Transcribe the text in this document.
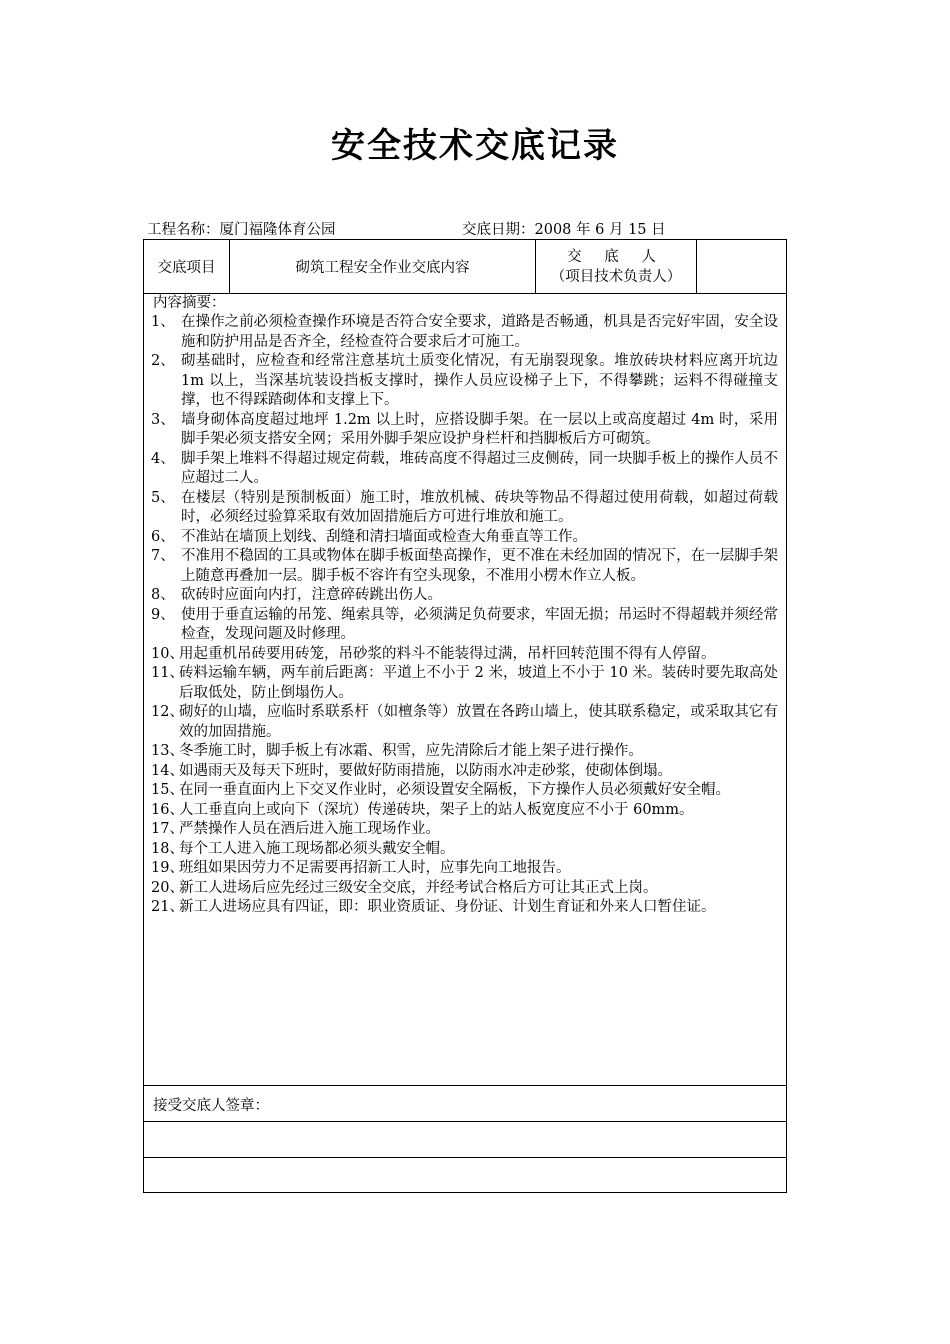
安全技术交底记录
工程名称：厦门福隆体育公园	交底日期：2008 年 6 月 15 日
交底项目	砌筑工程安全作业交底内容
交 底 人
（项目技术负责人）
内容摘要：
1、 在操作之前必须检查操作环境是否符合安全要求，道路是否畅通，机具是否完好牢固，安全设施和防护用品是否齐全，经检查符合要求后才可施工。
2、 砌基础时，应检查和经常注意基坑土质变化情况，有无崩裂现象。堆放砖块材料应离开坑边 1m 以上，当深基坑装设挡板支撑时，操作人员应设梯子上下，不得攀跳；运料不得碰撞支撑，也不得踩踏砌体和支撑上下。
3、 墙身砌体高度超过地坪 1.2m 以上时，应搭设脚手架。在一层以上或高度超过 4m 时，采用脚手架必须支搭安全网；采用外脚手架应设护身栏杆和挡脚板后方可砌筑。
4、 脚手架上堆料不得超过规定荷载，堆砖高度不得超过三皮侧砖，同一块脚手板上的操作人员不应超过二人。
5、 在楼层（特别是预制板面）施工时，堆放机械、砖块等物品不得超过使用荷载，如超过荷载时，必须经过验算采取有效加固措施后方可进行堆放和施工。
6、 不准站在墙顶上划线、刮缝和清扫墙面或检查大角垂直等工作。
7、 不准用不稳固的工具或物体在脚手板面垫高操作，更不准在未经加固的情况下，在一层脚手架上随意再叠加一层。脚手板不容许有空头现象，不准用小楞木作立人板。
8、 砍砖时应面向内打，注意碎砖跳出伤人。
9、 使用于垂直运输的吊笼、绳索具等，必须满足负荷要求，牢固无损；吊运时不得超载并须经常检查，发现问题及时修理。
10、
用起重机吊砖要用砖笼，吊砂浆的料斗不能装得过满，吊杆回转范围不得有人停留。
11、
砖料运输车辆，两车前后距离：平道上不小于 2 米，坡道上不小于 10 米。装砖时要先取高处后取低处，防止倒塌伤人。
12、
砌好的山墙，应临时系联系杆（如檀条等）放置在各跨山墙上，使其联系稳定，或采取其它有效的加固措施。
13、
冬季施工时，脚手板上有冰霜、积雪，应先清除后才能上架子进行操作。
14、
如遇雨天及每天下班时，要做好防雨措施，以防雨水冲走砂浆，使砌体倒塌。
15、
在同一垂直面内上下交叉作业时，必须设置安全隔板，下方操作人员必须戴好安全帽。
16、
人工垂直向上或向下（深坑）传递砖块，架子上的站人板宽度应不小于 60mm。
17、
严禁操作人员在酒后进入施工现场作业。
18、
每个工人进入施工现场都必须头戴安全帽。
19、
班组如果因劳力不足需要再招新工人时，应事先向工地报告。
20、
新工人进场后应先经过三级安全交底，并经考试合格后方可让其正式上岗。
21、
新工人进场应具有四证，即：职业资质证、身份证、计划生育证和外来人口暂住证。
接受交底人签章：
